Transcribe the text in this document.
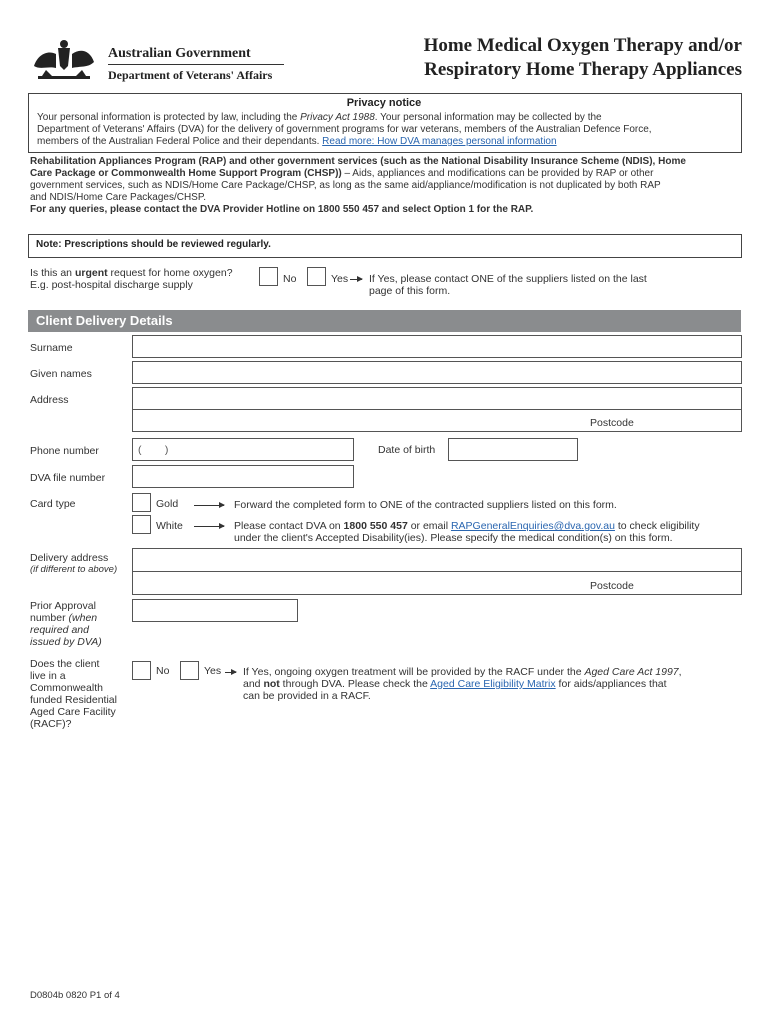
Australian Government
Department of Veterans' Affairs
Home Medical Oxygen Therapy and/or
Respiratory Home Therapy Appliances
Privacy notice
Your personal information is protected by law, including the Privacy Act 1988. Your personal information may be collected by the
Department of Veterans' Affairs (DVA) for the delivery of government programs for war veterans, members of the Australian Defence Force,
members of the Australian Federal Police and their dependants. Read more: How DVA manages personal information
Rehabilitation Appliances Program (RAP) and other government services (such as the National Disability Insurance Scheme (NDIS), Home
Care Package or Commonwealth Home Support Program (CHSP)) – Aids, appliances and modifications can be provided by RAP or other
government services, such as NDIS/Home Care Package/CHSP, as long as the same aid/appliance/modification is not duplicated by both RAP
and NDIS/Home Care Packages/CHSP.
For any queries, please contact the DVA Provider Hotline on 1800 550 457 and select Option 1 for the RAP.
Note: Prescriptions should be reviewed regularly.
Is this an urgent request for home oxygen?
E.g. post-hospital discharge supply	No	Yes If Yes, please contact ONE of the suppliers listed on the last
page of this form.
Client Delivery Details
Surname
Given names
Address
Postcode
Phone number	(        )	Date of birth
DVA file number
Card type	Gold	Forward the completed form to ONE of the contracted suppliers listed on this form.
White	Please contact DVA on 1800 550 457 or email RAPGeneralEnquiries@dva.gov.au to check eligibility
under the client's Accepted Disability(ies). Please specify the medical condition(s) on this form.
Delivery address
(if different to above)
Postcode
Prior Approval
number (when
required and
issued by DVA)
Does the client
live in a
Commonwealth
funded Residential
Aged Care Facility
(RACF)?
No	Yes If Yes, ongoing oxygen treatment will be provided by the RACF under the Aged Care Act 1997,
and not through DVA. Please check the Aged Care Eligibility Matrix for aids/appliances that
can be provided in a RACF.
D0804b 0820 P1 of 4
